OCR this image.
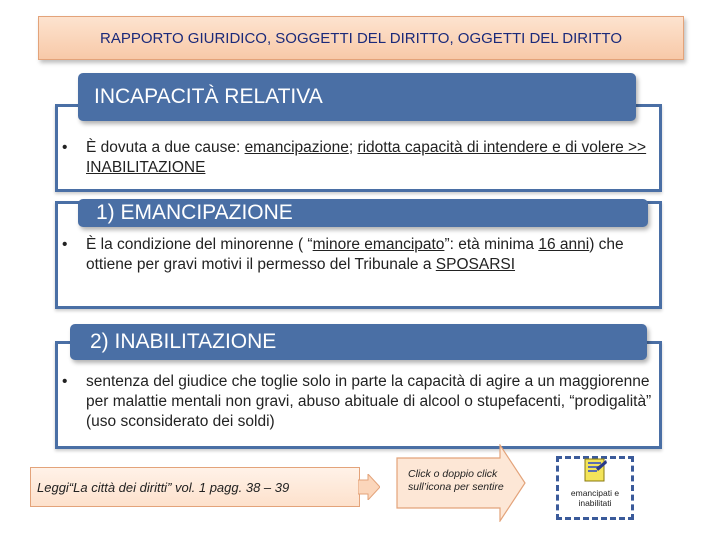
RAPPORTO GIURIDICO, SOGGETTI DEL DIRITTO, OGGETTI DEL DIRITTO
INCAPACITÀ RELATIVA
•	È dovuta a due cause: emancipazione; ridotta capacità di intendere e di volere >> INABILITAZIONE
1) EMANCIPAZIONE
•	È la condizione del minorenne ( “minore emancipato”: età minima 16 anni) che ottiene per gravi motivi il permesso del Tribunale a SPOSARSI
2) INABILITAZIONE
•	sentenza del giudice che toglie solo in parte la capacità di agire a un maggiorenne per malattie mentali non gravi, abuso abituale di alcool o stupefacenti, “prodigalità” (uso sconsiderato dei soldi)
Leggi“La città dei diritti” vol. 1 pagg. 38 – 39
Click o doppio click sull’icona per sentire	emancipati e inabilitati
